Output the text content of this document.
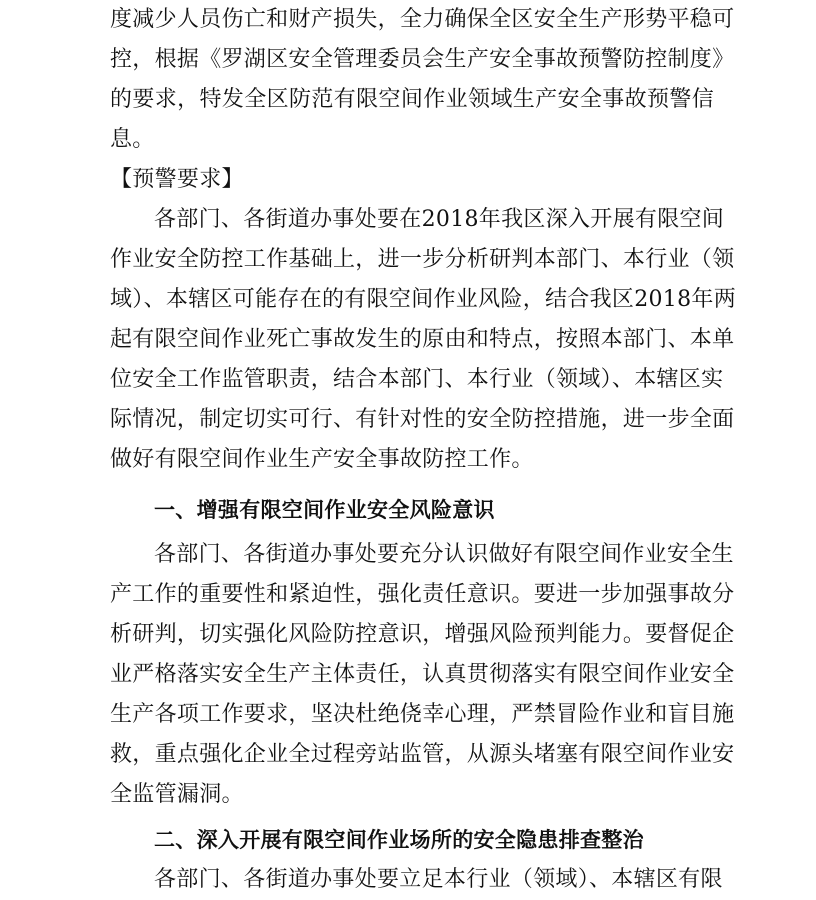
度减少人员伤亡和财产损失，全力确保全区安全生产形势平稳可
控，根据《罗湖区安全管理委员会生产安全事故预警防控制度》
的要求，特发全区防范有限空间作业领域生产安全事故预警信
息。
【预警要求】
各部门、各街道办事处要在2018年我区深入开展有限空间
作业安全防控工作基础上，进一步分析研判本部门、本行业（领
域）、本辖区可能存在的有限空间作业风险，结合我区2018年两
起有限空间作业死亡事故发生的原由和特点，按照本部门、本单
位安全工作监管职责，结合本部门、本行业（领域）、本辖区实
际情况，制定切实可行、有针对性的安全防控措施，进一步全面
做好有限空间作业生产安全事故防控工作。
一、增强有限空间作业安全风险意识
各部门、各街道办事处要充分认识做好有限空间作业安全生
产工作的重要性和紧迫性，强化责任意识。要进一步加强事故分
析研判，切实强化风险防控意识，增强风险预判能力。要督促企
业严格落实安全生产主体责任，认真贯彻落实有限空间作业安全
生产各项工作要求，坚决杜绝侥幸心理，严禁冒险作业和盲目施
救，重点强化企业全过程旁站监管，从源头堵塞有限空间作业安
全监管漏洞。
二、深入开展有限空间作业场所的安全隐患排查整治
各部门、各街道办事处要立足本行业（领域）、本辖区有限
